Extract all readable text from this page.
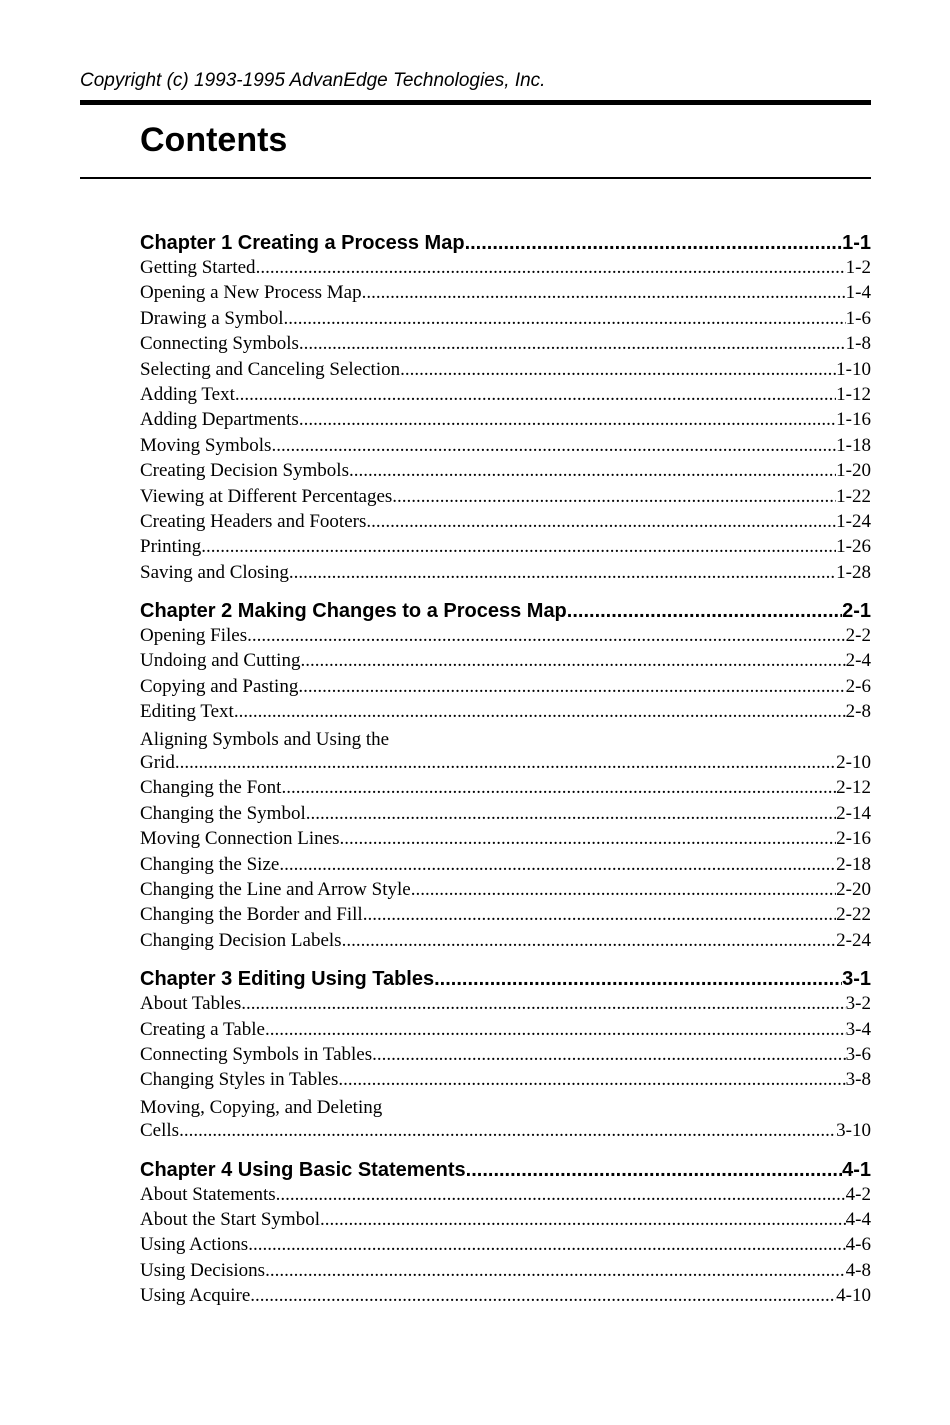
Copyright (c) 1993-1995 AdvanEdge Technologies, Inc.
Contents
Chapter 1 Creating a Process Map .....	1-1
Getting Started .....	1-2
Opening a New Process Map .....	1-4
Drawing a Symbol .....	1-6
Connecting Symbols .....	1-8
Selecting and Canceling Selection .....	1-10
Adding Text .....	1-12
Adding Departments .....	1-16
Moving Symbols .....	1-18
Creating Decision Symbols .....	1-20
Viewing at Different Percentages .....	1-22
Creating Headers and Footers .....	1-24
Printing .....	1-26
Saving and Closing .....	1-28
Chapter 2 Making Changes to a Process Map .....	2-1
Opening Files .....	2-2
Undoing and Cutting .....	2-4
Copying and Pasting .....	2-6
Editing Text .....	2-8
Aligning Symbols and Using the
Grid .....	2-10
Changing the Font .....	2-12
Changing the Symbol .....	2-14
Moving Connection Lines .....	2-16
Changing the Size .....	2-18
Changing the Line and Arrow Style .....	2-20
Changing the Border and Fill .....	2-22
Changing Decision Labels .....	2-24
Chapter 3 Editing Using Tables .....	3-1
About Tables .....	3-2
Creating a Table .....	3-4
Connecting Symbols in Tables .....	3-6
Changing Styles in Tables .....	3-8
Moving, Copying, and Deleting
Cells .....	3-10
Chapter 4 Using Basic Statements .....	4-1
About Statements .....	4-2
About the Start Symbol .....	4-4
Using Actions .....	4-6
Using Decisions .....	4-8
Using Acquire .....	4-10
